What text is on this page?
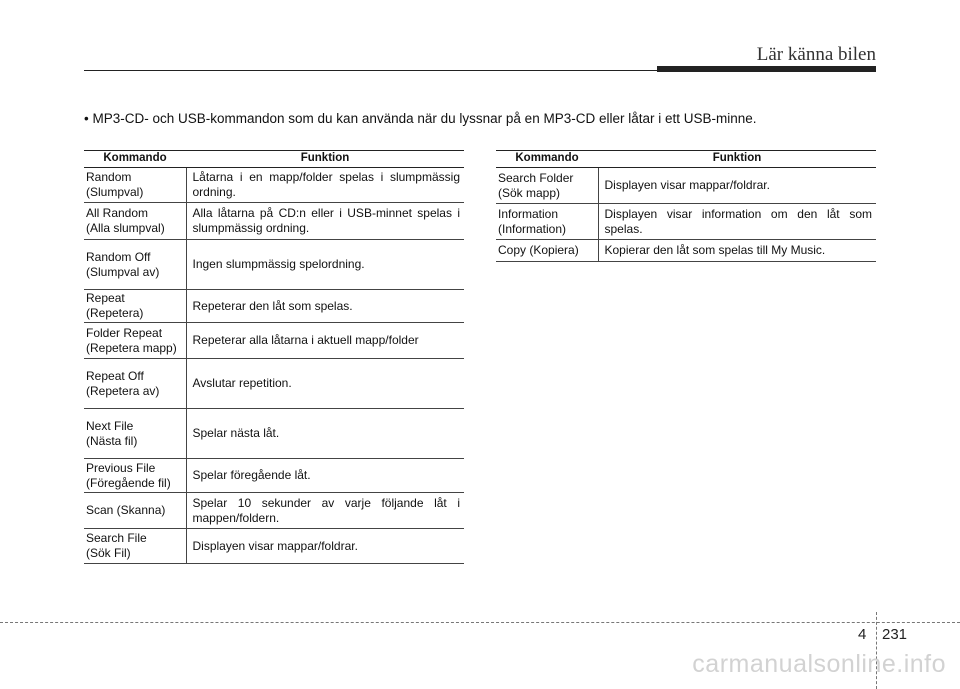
Lär känna bilen
• MP3-CD- och USB-kommandon som du kan använda när du lyssnar på en MP3-CD eller låtar i ett USB-minne.
Kommando	Funktion

Random
(Slumpval)	Låtarna i en mapp/folder spelas i slumpmässig ordning.

All Random
(Alla slumpval)	Alla låtarna på CD:n eller i USB-minnet spelas i slumpmässig ordning.

Random Off
(Slumpval av)	Ingen slumpmässig spelordning.

Repeat
(Repetera)	Repeterar den låt som spelas.

Folder Repeat
(Repetera mapp)	Repeterar alla låtarna i aktuell mapp/folder

Repeat Off
(Repetera av)	Avslutar repetition.

Next File
(Nästa fil)	Spelar nästa låt.

Previous File
(Föregående fil)	Spelar föregående låt.

Scan (Skanna)	Spelar 10 sekunder av varje följande låt i mappen/foldern.

Search File
(Sök Fil)	Displayen visar mappar/foldrar.
Kommando	Funktion

Search Folder
(Sök mapp)	Displayen visar mappar/foldrar.

Information
(Information)	Displayen visar information om den låt som spelas.

Copy (Kopiera)	Kopierar den låt som spelas till My Music.
4 231
carmanualsonline.info
